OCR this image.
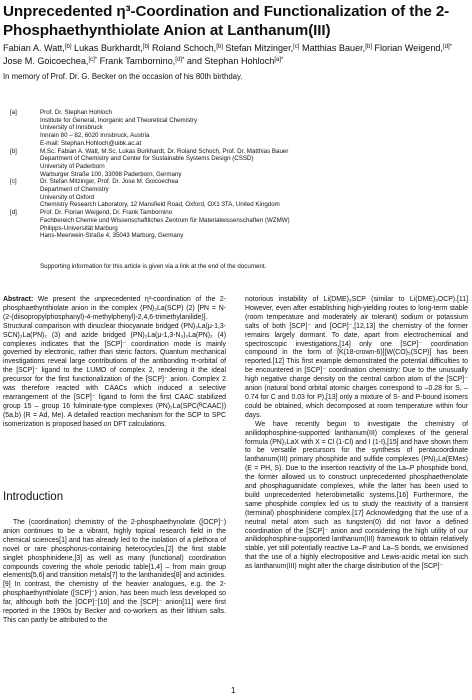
Unprecedented η³-Coordination and Functionalization of the 2-Phosphaethynthiolate Anion at Lanthanum(III)
Fabian A. Watt,[b] Lukas Burkhardt,[b] Roland Schoch,[b] Stefan Mitzinger,[c] Matthias Bauer,[b] Florian Weigend,$^{[d]*}$ Jose M. Goicoechea,$^{[c]*}$ Frank Tambornino,$^{[d]*}$ and Stephan Hohloch$^{[a]*}$
In memory of Prof. Dr. G. Becker on the occasion of his 80th birthday.
[a]	Prof. Dr. Stephan Hohloch
Institute for General, Inorganic and Theoretical Chemistry
University of Innsbruck
Innrain 80 – 82, 6020 Innsbruck, Austria
E-mail: Stephan.Hohloch@uibk.ac.at
[b]	M.Sc. Fabian A. Watt, M.Sc. Lukas Burkhardt, Dr. Roland Schoch, Prof. Dr. Matthias Bauer
Department of Chemistry and Center for Sustainable Systems Design (CSSD)
University of Paderborn
Warburger Straße 100, 33098 Paderborn, Germany
[c]	Dr. Stefan Mitzinger, Prof. Dr. Jose M. Goicoechea
Department of Chemistry
University of Oxford
Chemistry Research Laboratory, 12 Mansfield Road, Oxford, OX1 3TA, United Kingdom
[d]	Prof. Dr. Florian Weigend, Dr. Frank Tambornino
Fachbereich Chemie und Wissenschaftliches Zentrum für Materialwissenschaften (WZMW)
Philipps-Universität Marburg
Hans-Meerwein-Straße 4, 35043 Marburg, Germany
Supporting information for this article is given via a link at the end of the document.

Abstract: We present the unprecedented η³-coordination of the 2-phosphaethynthiolate anion in the complex (PN)₂La(SCP) (2) [PN = N-(2-(diisopropylphosphanyl)-4-methylphenyl)-2,4,6-trimethylanilide)]. Structural comparison with dinuclear thiocyanate bridged (PN)₂La(μ-1,3-SCN)₂La(PN)₂ (3) and azide bridged (PN)₂La(μ-1,3-N₃)₂La(PN)₂ (4) complexes indicates that the [SCP]⁻ coordination mode is mainly governed by electronic, rather than steric factors. Quantum mechanical investigations reveal large contributions of the antibonding π-orbital of the [SCP]⁻ ligand to the LUMO of complex 2, rendering it the ideal precursor for the first functionalization of the [SCP]⁻ anion. Complex 2 was therefore reacted with CAACs which induced a selective rearrangement of the [SCP]⁻ ligand to form the first CAAC stabilized group 15 – group 16 fulminate-type complexes (PN)₂La(SPC(ᴿCAAC)) (5a,b) (R = Ad, Me). A detailed reaction mechanism for the SCP to SPC isomerization is proposed based on DFT calculations.

Introduction

The (coordination) chemistry of the 2-phosphaethynolate ([OCP]⁻) anion continues to be a vibrant, highly topical research field in the chemical sciences[1] and has already led to the isolation of a plethora of novel or rare phosphorus-containing heterocycles,[2] the first stable singlet phosphinidene,[3] as well as many (functional) coordination compounds covering the whole periodic table[1,4] – from main group elements[5,6] and transition metals[7] to the lanthanides[8] and actinides.[9] In contrast, the chemistry of the heavier analogues, e.g. the 2-phosphaethynthiolate ([SCP]⁻) anion, has been much less developed so far, although both the [OCP]⁻[10] and the [SCP]⁻ anion[11] were first reported in the 1990s by Becker and co-workers as their lithium salts. This can partly be attributed to the

notorious instability of Li(DME)₃SCP (similar to Li(DME)₂OCP).[11] However, even after establishing high-yielding routes to long-term stable (room temperature and moderately air tolerant) sodium or potassium salts of both [SCP]⁻ and [OCP]⁻,[12,13] the chemistry of the former remains largely dormant. To date, apart from electrochemical and spectroscopic investigations,[14] only one [SCP]⁻ coordination compound in the form of [K(18-crown-6)][W(CO)₅(SCP)] has been reported.[12] This first example demonstrated the potential difficulties to be encountered in [SCP]⁻ coordination chemistry: Due to the unusually high negative charge density on the central carbon atom of the [SCP]⁻ anion (natural bond orbital atomic charges correspond to –0.28 for S, –0.74 for C and 0.03 for P),[13] only a mixture of S- and P-bound isomers could be obtained, which decomposed at room temperature within four days.

We have recently begun to investigate the chemistry of anilidophosphine-supported lanthanum(III) complexes of the general formula (PN)₂LaX with X = Cl (1-Cl) and I (1-I),[15] and have shown them to be versatile precursors for the synthesis of pentacoordinate lanthanum(III) primary phosphide and sulfide complexes (PN)₂La(EMes) (E = PH, S). Due to the insertion reactivity of the La–P phosphide bond, the former allowed us to construct unprecedented phosphaethenolate and phosphaguanidate complexes, while the latter has been used to build unprecedented heterobimetallic systems.[16] Furthermore, the same phosphide complex led us to study the reactivity of a transient (terminal) phosphinidene complex.[17] Acknowledging that the use of a neutral metal atom such as tungsten(0) did not favor a defined coordination of the [SCP]⁻ anion and considering the high utility of our anilidophosphine-supported lanthanum(III) framework to obtain relatively stable, yet still potentially reactive La–P and La–S bonds, we envisioned that the use of a highly electropositive and Lewis-acidic metal ion such as lanthanum(III) might alter the charge distribution of the [SCP]⁻

1
